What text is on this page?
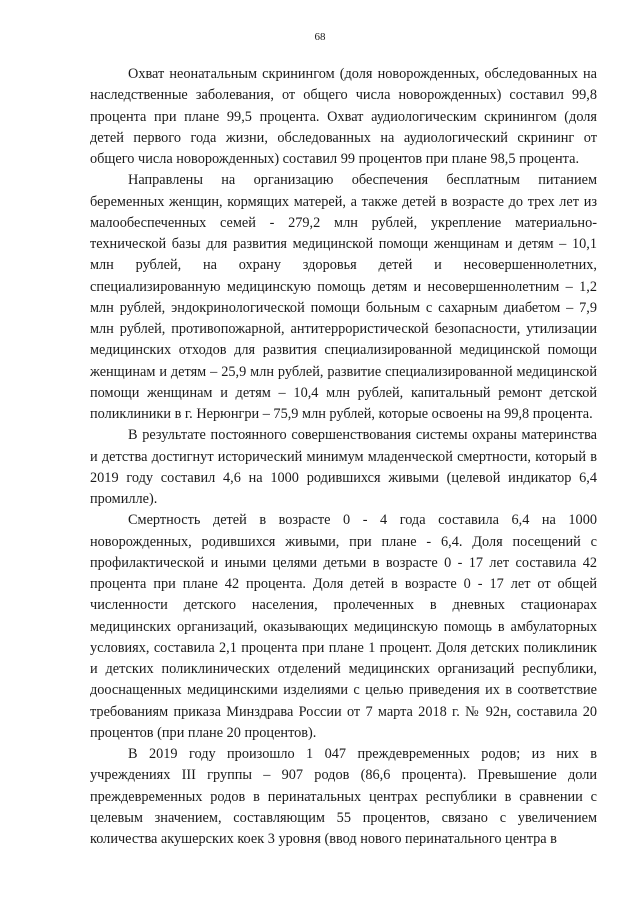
68

Охват неонатальным скринингом (доля новорожденных, обследованных на наследственные заболевания, от общего числа новорожденных) составил 99,8 процента при плане 99,5 процента. Охват аудиологическим скринингом (доля детей первого года жизни, обследованных на аудиологический скрининг от общего числа новорожденных) составил 99 процентов при плане 98,5 процента.

Направлены на организацию обеспечения бесплатным питанием беременных женщин, кормящих матерей, а также детей в возрасте до трех лет из малообеспеченных семей - 279,2 млн рублей, укрепление материально-технической базы для развития медицинской помощи женщинам и детям – 10,1 млн рублей, на охрану здоровья детей и несовершеннолетних, специализированную медицинскую помощь детям и несовершеннолетним – 1,2 млн рублей, эндокринологической помощи больным с сахарным диабетом – 7,9 млн рублей, противопожарной, антитеррористической безопасности, утилизации медицинских отходов для развития специализированной медицинской помощи женщинам и детям – 25,9 млн рублей, развитие специализированной медицинской помощи женщинам и детям – 10,4 млн рублей, капитальный ремонт детской поликлиники в г. Нерюнгри – 75,9 млн рублей, которые освоены на 99,8 процента.

В результате постоянного совершенствования системы охраны материнства и детства достигнут исторический минимум младенческой смертности, который в 2019 году составил 4,6 на 1000 родившихся живыми (целевой индикатор 6,4 промилле).

Смертность детей в возрасте 0 - 4 года составила 6,4 на 1000 новорожденных, родившихся живыми, при плане - 6,4. Доля посещений с профилактической и иными целями детьми в возрасте 0 - 17 лет составила 42 процента при плане 42 процента. Доля детей в возрасте 0 - 17 лет от общей численности детского населения, пролеченных в дневных стационарах медицинских организаций, оказывающих медицинскую помощь в амбулаторных условиях, составила 2,1 процента при плане 1 процент. Доля детских поликлиник и детских поликлинических отделений медицинских организаций республики, дооснащенных медицинскими изделиями с целью приведения их в соответствие требованиям приказа Минздрава России от 7 марта 2018 г. № 92н, составила 20 процентов (при плане 20 процентов).

В 2019 году произошло 1 047 преждевременных родов; из них в учреждениях III группы – 907 родов (86,6 процента). Превышение доли преждевременных родов в перинатальных центрах республики в сравнении с целевым значением, составляющим 55 процентов, связано с увеличением количества акушерских коек 3 уровня (ввод нового перинатального центра в
